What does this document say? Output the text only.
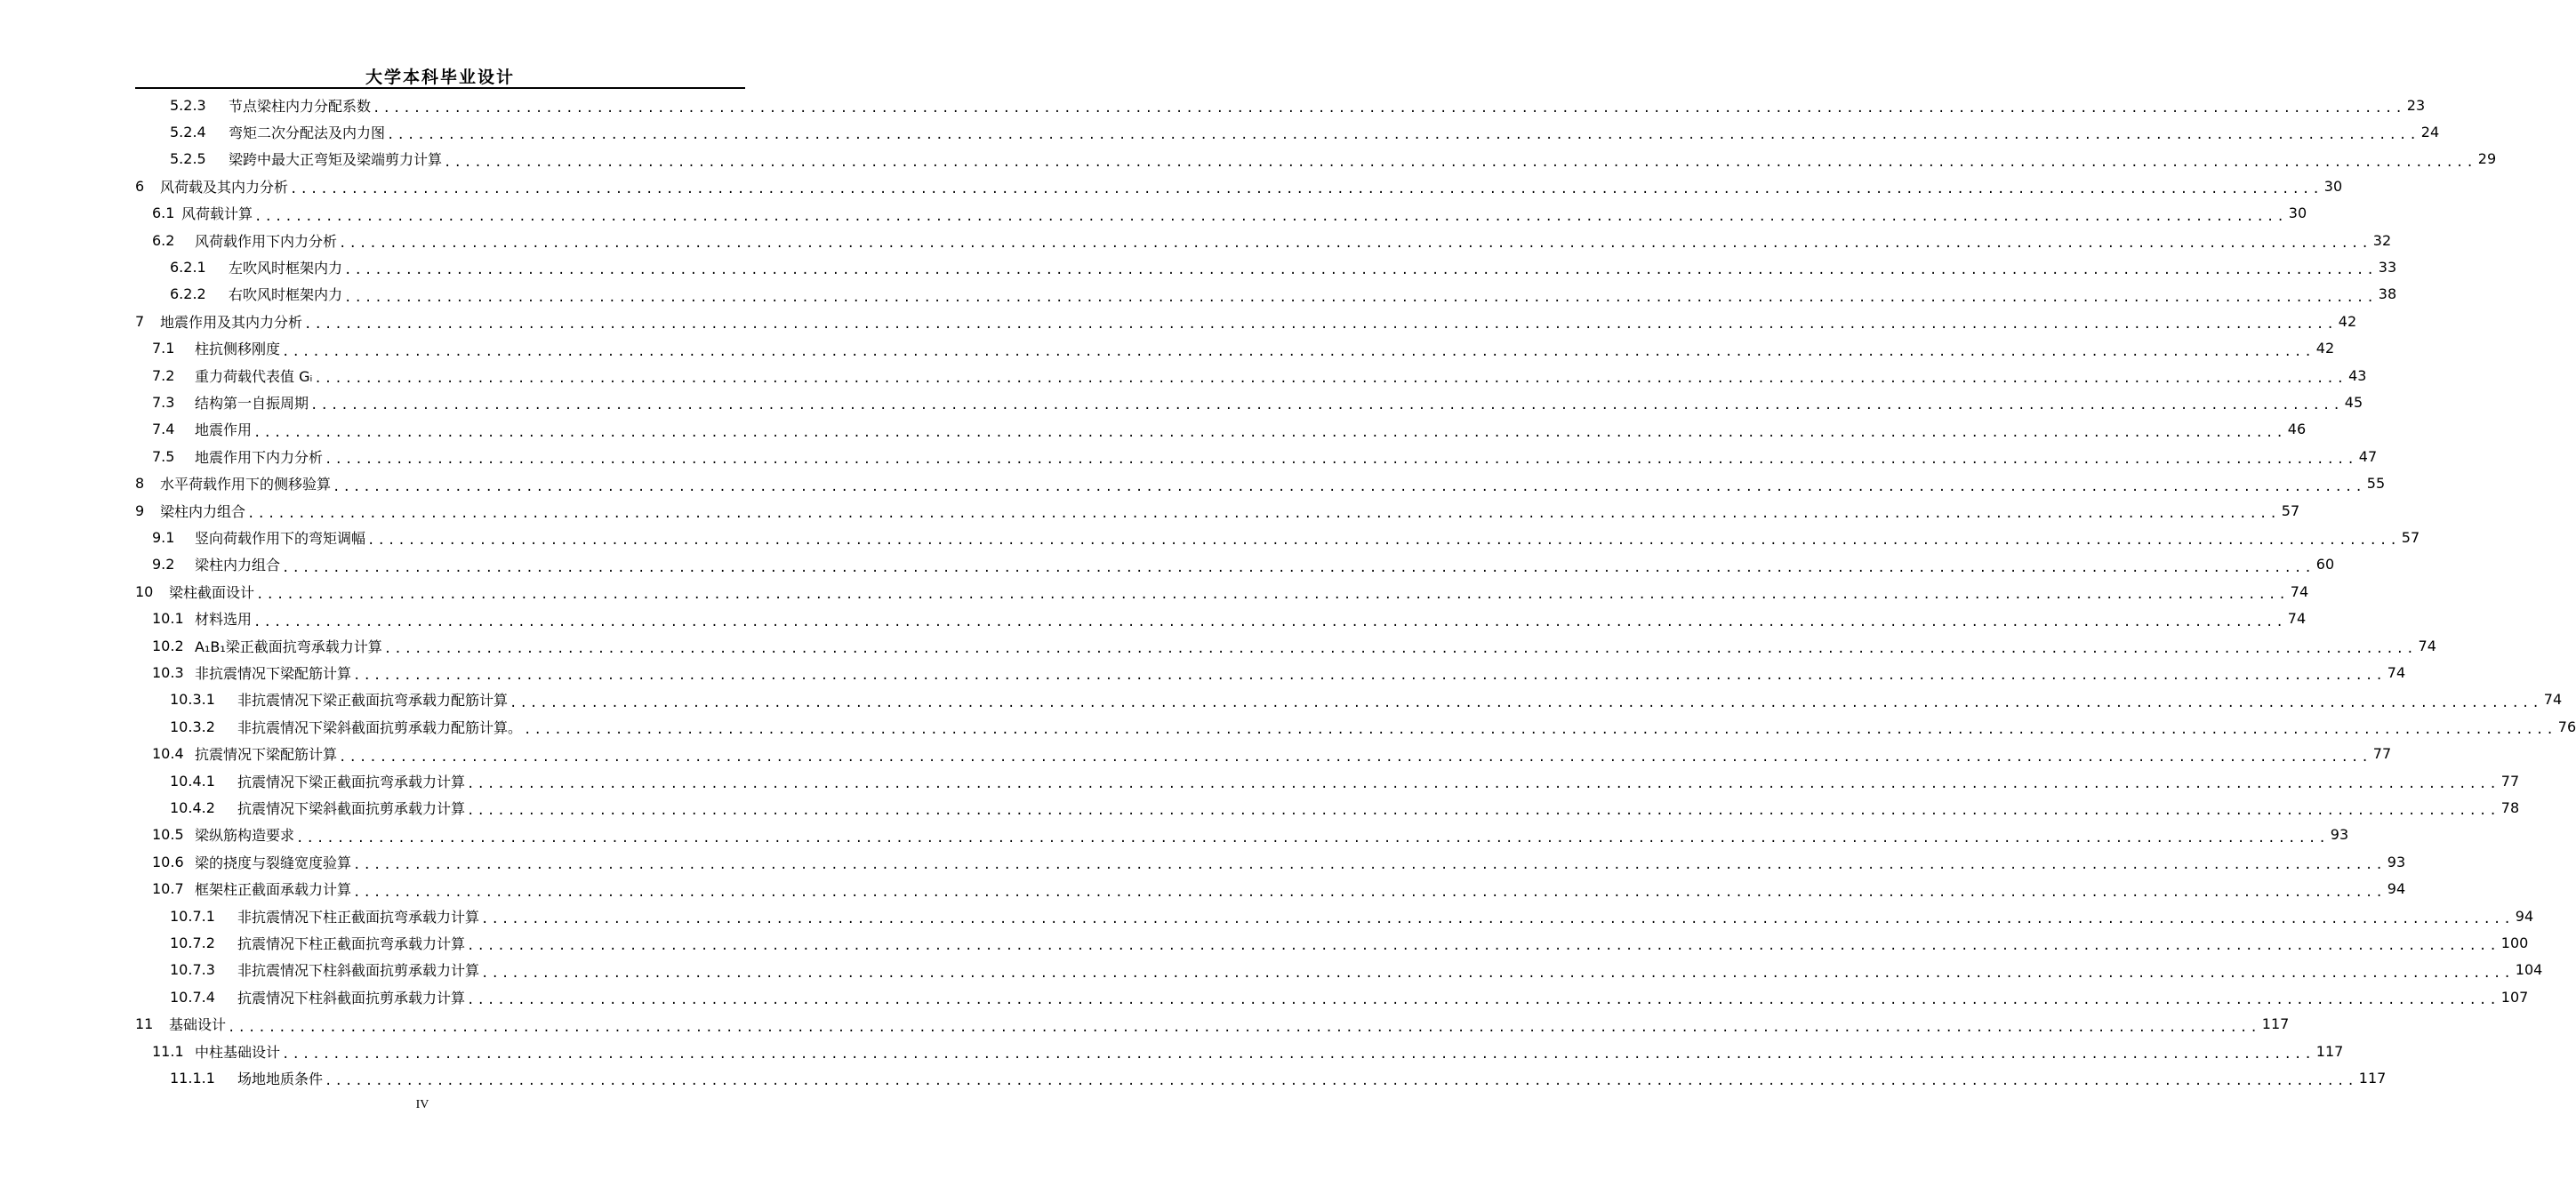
大学本科毕业设计
5.2.3	节点梁柱内力分配系数 ........................................................................................................................................................................................................ 23
5.2.4	弯矩二次分配法及内力图 ........................................................................................................................................................................................................ 24
5.2.5	梁跨中最大正弯矩及梁端剪力计算 ........................................................................................................................................................................................................ 29
6	风荷载及其内力分析 ........................................................................................................................................................................................................ 30
6.1 风荷载计算 ........................................................................................................................................................................................................ 30
6.2	风荷载作用下内力分析 ........................................................................................................................................................................................................ 32
6.2.1	左吹风时框架内力 ........................................................................................................................................................................................................ 33
6.2.2	右吹风时框架内力 ........................................................................................................................................................................................................ 38
7	地震作用及其内力分析 ........................................................................................................................................................................................................ 42
7.1	柱抗侧移刚度 ........................................................................................................................................................................................................ 42
7.2	重力荷载代表值 Gᵢ ........................................................................................................................................................................................................ 43
7.3	结构第一自振周期 ........................................................................................................................................................................................................ 45
7.4	地震作用 ........................................................................................................................................................................................................ 46
7.5	地震作用下内力分析 ........................................................................................................................................................................................................ 47
8	水平荷载作用下的侧移验算 ........................................................................................................................................................................................................ 55
9	梁柱内力组合 ........................................................................................................................................................................................................ 57
9.1	竖向荷载作用下的弯矩调幅 ........................................................................................................................................................................................................ 57
9.2	梁柱内力组合 ........................................................................................................................................................................................................ 60
10	梁柱截面设计 ........................................................................................................................................................................................................ 74
10.1 材料选用 ........................................................................................................................................................................................................ 74
10.2 A₁B₁梁正截面抗弯承载力计算 ........................................................................................................................................................................................................ 74
10.3 非抗震情况下梁配筋计算 ........................................................................................................................................................................................................ 74
10.3.1	非抗震情况下梁正截面抗弯承载力配筋计算 ........................................................................................................................................................................................................ 74
10.3.2	非抗震情况下梁斜截面抗剪承载力配筋计算。 ........................................................................................................................................................................................................ 76
10.4 抗震情况下梁配筋计算 ........................................................................................................................................................................................................ 77
10.4.1	抗震情况下梁正截面抗弯承载力计算 ........................................................................................................................................................................................................ 77
10.4.2	抗震情况下梁斜截面抗剪承载力计算 ........................................................................................................................................................................................................ 78
10.5 梁纵筋构造要求 ........................................................................................................................................................................................................ 93
10.6 梁的挠度与裂缝宽度验算 ........................................................................................................................................................................................................ 93
10.7 框架柱正截面承载力计算 ........................................................................................................................................................................................................ 94
10.7.1	非抗震情况下柱正截面抗弯承载力计算 ........................................................................................................................................................................................................ 94
10.7.2	抗震情况下柱正截面抗弯承载力计算 ........................................................................................................................................................................................................ 100
10.7.3	非抗震情况下柱斜截面抗剪承载力计算 ........................................................................................................................................................................................................ 104
10.7.4	抗震情况下柱斜截面抗剪承载力计算 ........................................................................................................................................................................................................ 107
11	基础设计 ........................................................................................................................................................................................................ 117
11.1 中柱基础设计 ........................................................................................................................................................................................................ 117
11.1.1	场地地质条件 ........................................................................................................................................................................................................ 117
IV
